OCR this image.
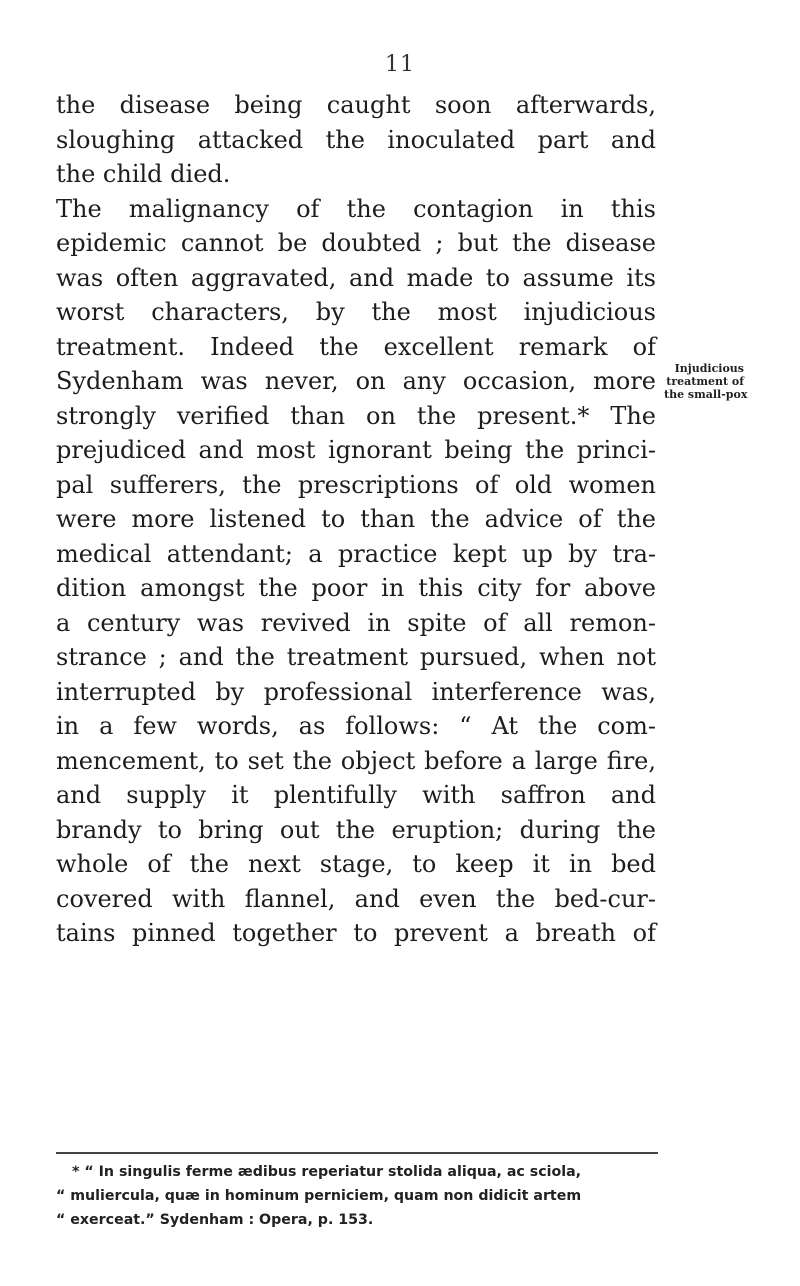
11
the disease being caught soon afterwards,
sloughing attacked the inoculated part and
the child died.
The malignancy of the contagion in this
epidemic cannot be doubted ; but the disease
was often aggravated, and made to assume its
worst characters, by the most injudicious
treatment. Indeed the excellent remark of
Sydenham was never, on any occasion, more
strongly verified than on the present.* The
prejudiced and most ignorant being the princi-
pal sufferers, the prescriptions of old women
were more listened to than the advice of the
medical attendant; a practice kept up by tra-
dition amongst the poor in this city for above
a century was revived in spite of all remon-
strance ; and the treatment pursued, when not
interrupted by professional interference was,
in a few words, as follows: “ At the com-
mencement, to set the object before a large fire,
and supply it plentifully with saffron and
brandy to bring out the eruption; during the
whole of the next stage, to keep it in bed
covered with flannel, and even the bed-cur-
tains pinned together to prevent a breath of
Injudicious
treatment of
the small-pox
* “ In singulis ferme ædibus reperiatur stolida aliqua, ac sciola,
“ muliercula, quæ in hominum perniciem, quam non didicit artem
“ exerceat.” Sydenham : Opera, p. 153.
